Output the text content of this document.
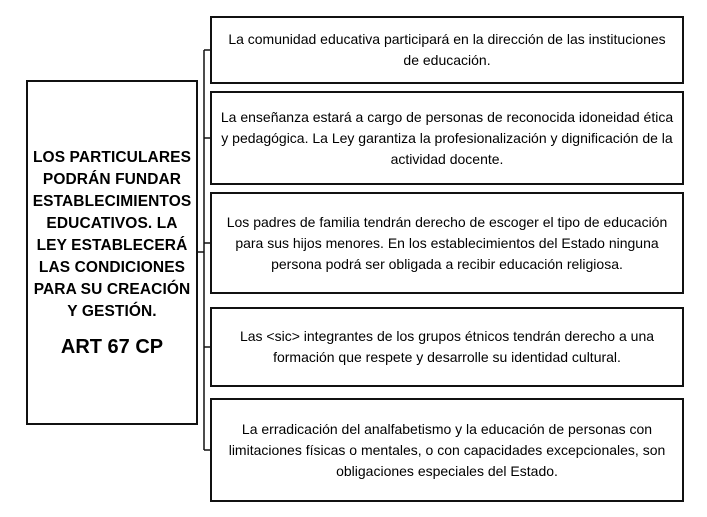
LOS PARTICULARES PODRÁN FUNDAR ESTABLECIMIENTOS EDUCATIVOS. LA LEY ESTABLECERÁ LAS CONDICIONES PARA SU CREACIÓN Y GESTIÓN.
ART 67 CP
La comunidad educativa participará en la dirección de las instituciones de educación.
La enseñanza estará a cargo de personas de reconocida idoneidad ética y pedagógica. La Ley garantiza la profesionalización y dignificación de la actividad docente.
Los padres de familia tendrán derecho de escoger el tipo de educación para sus hijos menores. En los establecimientos del Estado ninguna persona podrá ser obligada a recibir educación religiosa.
Las <sic> integrantes de los grupos étnicos tendrán derecho a una formación que respete y desarrolle su identidad cultural.
La erradicación del analfabetismo y la educación de personas con limitaciones físicas o mentales, o con capacidades excepcionales, son obligaciones especiales del Estado.
